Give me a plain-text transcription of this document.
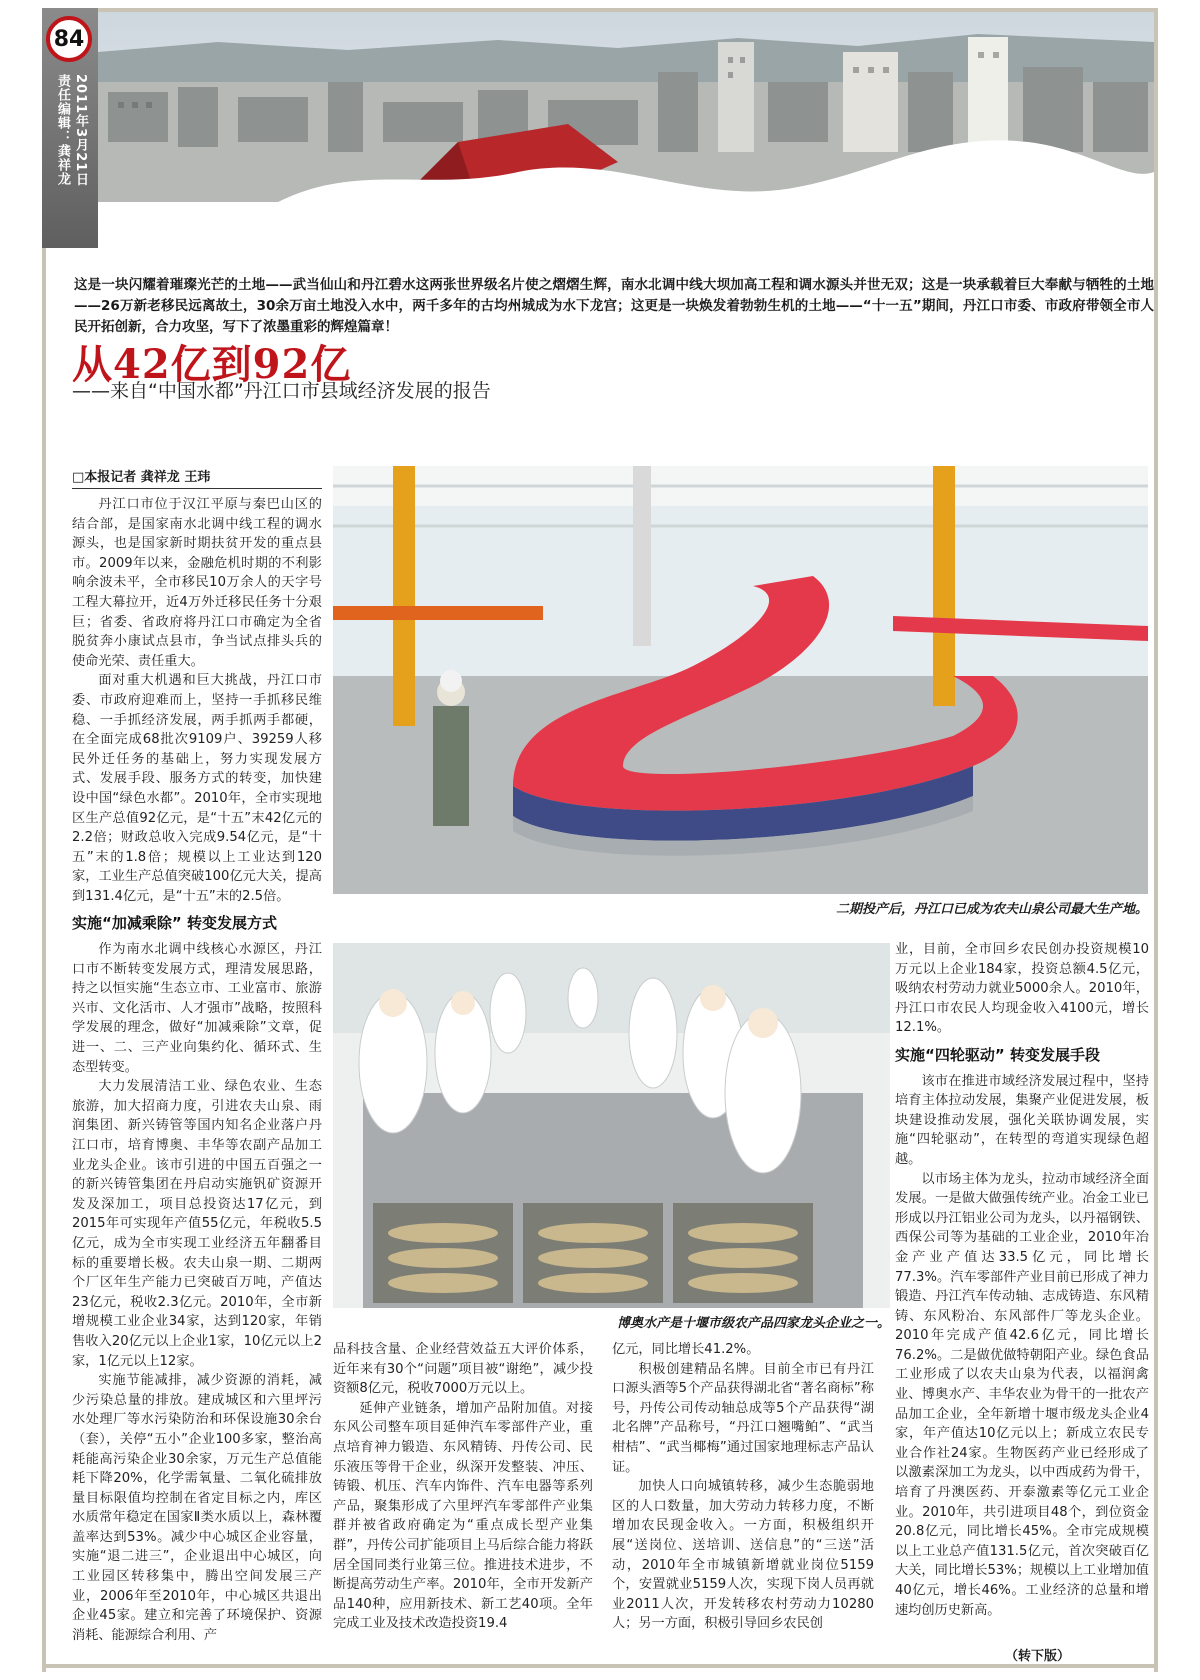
84
责任编辑：龚祥龙 2011年3月21日
这是一块闪耀着璀璨光芒的土地——武当仙山和丹江碧水这两张世界级名片使之熠熠生辉，南水北调中线大坝加高工程和调水源头并世无双；这是一块承载着巨大奉献与牺牲的土地——26万新老移民远离故土，30余万亩土地没入水中，两千多年的古均州城成为水下龙宫；这更是一块焕发着勃勃生机的土地——“十一五”期间，丹江口市委、市政府带领全市人民开拓创新，合力攻坚，写下了浓墨重彩的辉煌篇章！
从42亿到92亿
——来自“中国水都”丹江口市县域经济发展的报告
□本报记者 龚祥龙 王玮

丹江口市位于汉江平原与秦巴山区的结合部，是国家南水北调中线工程的调水源头，也是国家新时期扶贫开发的重点县市。2009年以来，金融危机时期的不利影响余波未平，全市移民10万余人的天字号工程大幕拉开，近4万外迁移民任务十分艰巨；省委、省政府将丹江口市确定为全省脱贫奔小康试点县市，争当试点排头兵的使命光荣、责任重大。

面对重大机遇和巨大挑战，丹江口市委、市政府迎难而上，坚持一手抓移民维稳、一手抓经济发展，两手抓两手都硬，在全面完成68批次9109户、39259人移民外迁任务的基础上，努力实现发展方式、发展手段、服务方式的转变，加快建设中国“绿色水都”。2010年，全市实现地区生产总值92亿元，是“十五”末42亿元的2.2倍；财政总收入完成9.54亿元，是“十五”末的1.8倍；规模以上工业达到120家，工业生产总值突破100亿元大关，提高到131.4亿元，是“十五”末的2.5倍。

实施“加减乘除” 转变发展方式

作为南水北调中线核心水源区，丹江口市不断转变发展方式，理清发展思路，持之以恒实施“生态立市、工业富市、旅游兴市、文化活市、人才强市”战略，按照科学发展的理念，做好“加减乘除”文章，促进一、二、三产业向集约化、循环式、生态型转变。

大力发展清洁工业、绿色农业、生态旅游，加大招商力度，引进农夫山泉、雨润集团、新兴铸管等国内知名企业落户丹江口市，培育博奥、丰华等农副产品加工业龙头企业。该市引进的中国五百强之一的新兴铸管集团在丹启动实施钒矿资源开发及深加工，项目总投资达17亿元，到2015年可实现年产值55亿元，年税收5.5亿元，成为全市实现工业经济五年翻番目标的重要增长极。农夫山泉一期、二期两个厂区年生产能力已突破百万吨，产值达23亿元，税收2.3亿元。2010年，全市新增规模工业企业34家，达到120家，年销售收入20亿元以上企业1家，10亿元以上2家，1亿元以上12家。

实施节能减排，减少资源的消耗，减少污染总量的排放。建成城区和六里坪污水处理厂等水污染防治和环保设施30余台（套），关停“五小”企业100多家，整治高耗能高污染企业30余家，万元生产总值能耗下降20%，化学需氧量、二氧化硫排放量目标限值均控制在省定目标之内，库区水质常年稳定在国家Ⅱ类水质以上，森林覆盖率达到53%。减少中心城区企业容量，实施“退二进三”，企业退出中心城区，向工业园区转移集中，腾出空间发展三产业，2006年至2010年，中心城区共退出企业45家。建立和完善了环境保护、资源消耗、能源综合利用、产

二期投产后，丹江口已成为农夫山泉公司最大生产地。
博奥水产是十堰市级农产品四家龙头企业之一。

品科技含量、企业经营效益五大评价体系，近年来有30个“问题”项目被“谢绝”，减少投资额8亿元，税收7000万元以上。

延伸产业链条，增加产品附加值。对接东风公司整车项目延伸汽车零部件产业，重点培育神力锻造、东风精铸、丹传公司、民乐液压等骨干企业，纵深开发整装、冲压、铸锻、机压、汽车内饰件、汽车电器等系列产品，聚集形成了六里坪汽车零部件产业集群并被省政府确定为“重点成长型产业集群”，丹传公司扩能项目上马后综合能力将跃居全国同类行业第三位。推进技术进步，不断提高劳动生产率。2010年，全市开发新产品140种，应用新技术、新工艺40项。全年完成工业及技术改造投资19.4

亿元，同比增长41.2%。

积极创建精品名牌。目前全市已有丹江口源头酒等5个产品获得湖北省“著名商标”称号，丹传公司传动轴总成等5个产品获得“湖北名牌”产品称号，“丹江口翘嘴鲌”、“武当柑桔”、“武当椰梅”通过国家地理标志产品认证。

加快人口向城镇转移，减少生态脆弱地区的人口数量，加大劳动力转移力度，不断增加农民现金收入。一方面，积极组织开展“送岗位、送培训、送信息”的“三送”活动，2010年全市城镇新增就业岗位5159个，安置就业5159人次，实现下岗人员再就业2011人次，开发转移农村劳动力10280人；另一方面，积极引导回乡农民创

业，目前，全市回乡农民创办投资规模10万元以上企业184家，投资总额4.5亿元，吸纳农村劳动力就业5000余人。2010年，丹江口市农民人均现金收入4100元，增长12.1%。

实施“四轮驱动” 转变发展手段

该市在推进市域经济发展过程中，坚持培育主体拉动发展，集聚产业促进发展，板块建设推动发展，强化关联协调发展，实施“四轮驱动”，在转型的弯道实现绿色超越。

以市场主体为龙头，拉动市域经济全面发展。一是做大做强传统产业。冶金工业已形成以丹江铝业公司为龙头，以丹福钢铁、西保公司等为基础的工业企业，2010年冶金产业产值达33.5亿元，同比增长77.3%。汽车零部件产业目前已形成了神力锻造、丹江汽车传动轴、志成铸造、东风精铸、东风粉冶、东风部件厂等龙头企业。2010年完成产值42.6亿元，同比增长76.2%。二是做优做特朝阳产业。绿色食品工业形成了以农夫山泉为代表，以福润禽业、博奥水产、丰华农业为骨干的一批农产品加工企业，全年新增十堰市级龙头企业4家，年产值达10亿元以上；新成立农民专业合作社24家。生物医药产业已经形成了以激素深加工为龙头，以中西成药为骨干，培育了丹澳医药、开泰激素等亿元工业企业。2010年，共引进项目48个，到位资金20.8亿元，同比增长45%。全市完成规模以上工业总产值131.5亿元，首次突破百亿大关，同比增长53%；规模以上工业增加值40亿元，增长46%。工业经济的总量和增速均创历史新高。

（转下版）
